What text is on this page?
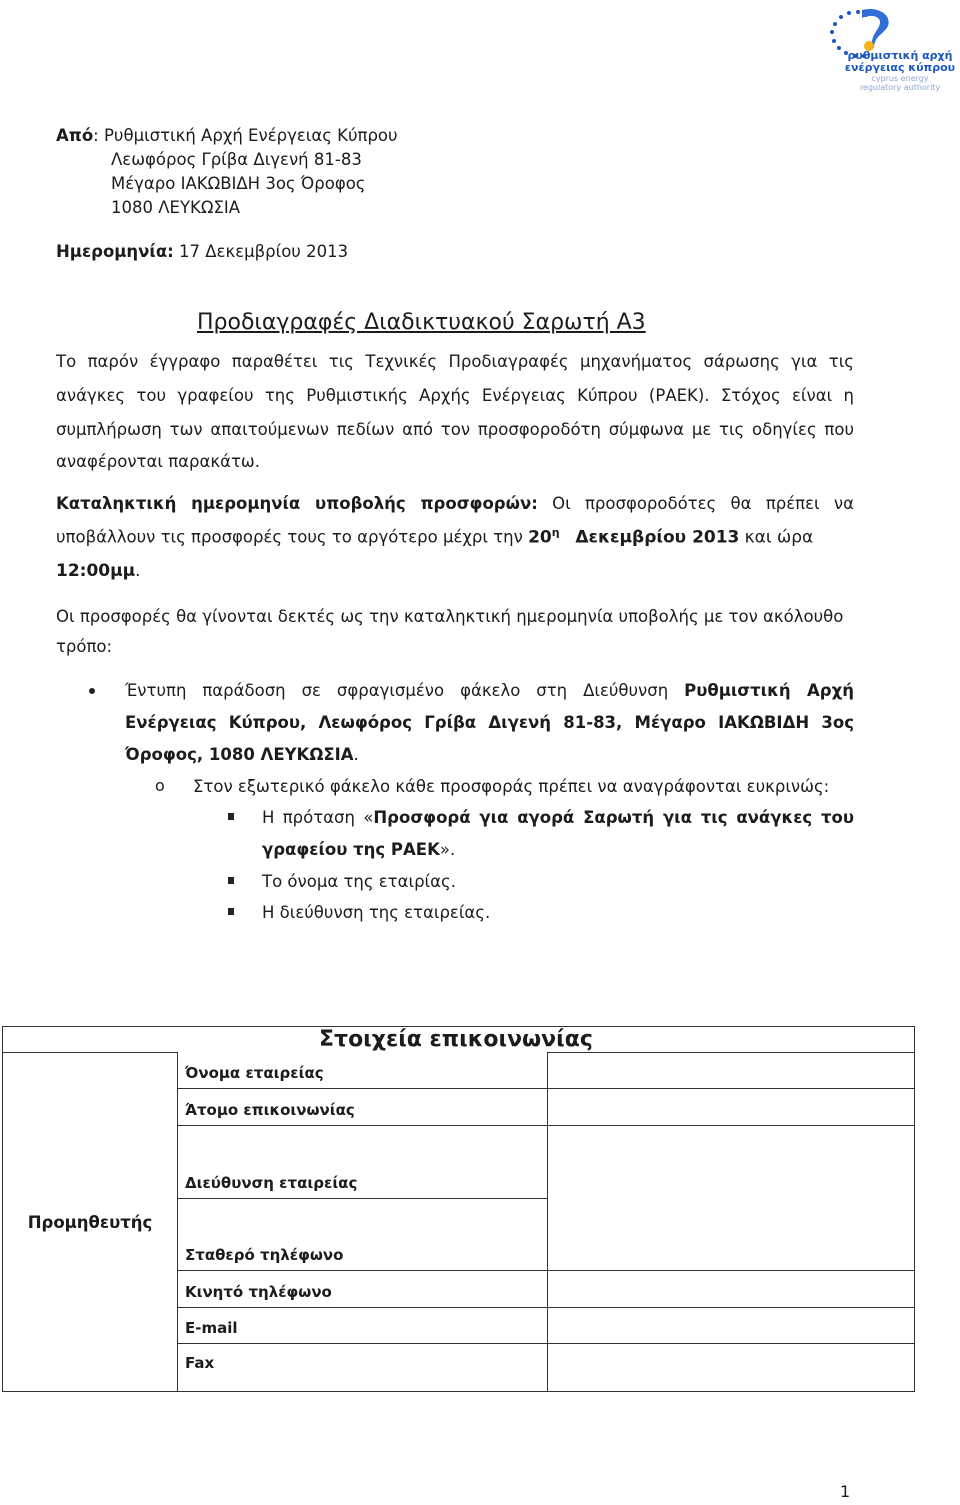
ρυθμιστική αρχή
ενέργειας κύπρου
cyprus energy
regulatory authority
Από: Ρυθμιστική Αρχή Ενέργειας Κύπρου
Λεωφόρος Γρίβα Διγενή 81-83
Μέγαρο ΙΑΚΩΒΙΔΗ 3ος Όροφος
1080 ΛΕΥΚΩΣΙΑ
Ημερομηνία: 17 Δεκεμβρίου 2013
Προδιαγραφές Διαδικτυακού Σαρωτή Α3
Το παρόν έγγραφο παραθέτει τις Τεχνικές Προδιαγραφές μηχανήματος σάρωσης για τις
ανάγκες του γραφείου της Ρυθμιστικής Αρχής Ενέργειας Κύπρου (ΡΑΕΚ). Στόχος είναι η
συμπλήρωση των απαιτούμενων πεδίων από τον προσφοροδότη σύμφωνα με τις οδηγίες που
αναφέρονται παρακάτω.
Καταληκτική ημερομηνία υποβολής προσφορών: Οι προσφοροδότες θα πρέπει να
υποβάλλουν τις προσφορές τους το αργότερο μέχρι την $20^\eta$ Δεκεμβρίου 2013 και ώρα
12:00μμ.
Οι προσφορές θα γίνονται δεκτές ως την καταληκτική ημερομηνία υποβολής με τον ακόλουθο
τρόπο:
Έντυπη παράδοση σε σφραγισμένο φάκελο στη Διεύθυνση Ρυθμιστική Αρχή
Ενέργειας Κύπρου, Λεωφόρος Γρίβα Διγενή 81-83, Μέγαρο ΙΑΚΩΒΙΔΗ 3ος
Όροφος, 1080 ΛΕΥΚΩΣΙΑ.
o Στον εξωτερικό φάκελο κάθε προσφοράς πρέπει να αναγράφονται ευκρινώς:
Η πρόταση «Προσφορά για αγορά Σαρωτή για τις ανάγκες του
γραφείου της ΡΑΕΚ».
Το όνομα της εταιρίας.
Η διεύθυνση της εταιρείας.
Στοιχεία επικοινωνίας		
Προμηθευτής	Όνομα εταιρείας	
	Άτομο επικοινωνίας	
	Διεύθυνση εταιρείας	
	Σταθερό τηλέφωνο	
	Κινητό τηλέφωνο	
	E-mail	
	Fax	
1
